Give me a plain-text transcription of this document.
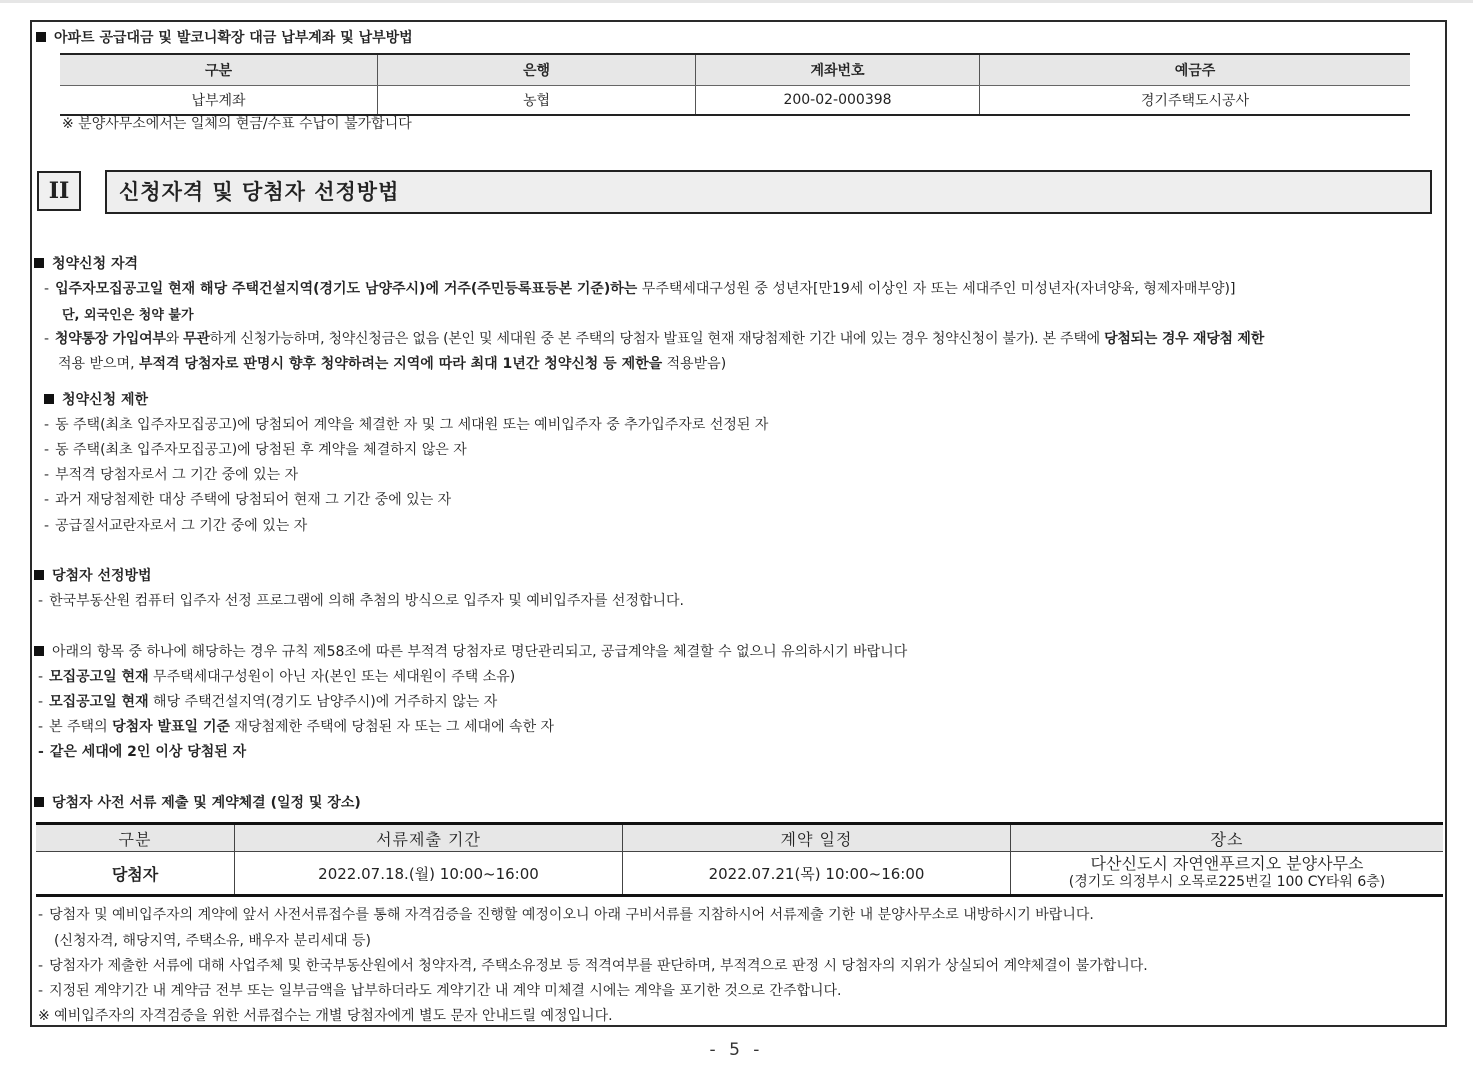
아파트 공급대금 및 발코니확장 대금 납부계좌 및 납부방법
구분	은행	계좌번호	예금주
납부계좌	농협	200-02-000398	경기주택도시공사
※ 분양사무소에서는 일체의 현금/수표 수납이 불가합니다
II	신청자격 및 당첨자 선정방법
청약신청 자격
- 입주자모집공고일 현재 해당 주택건설지역(경기도 남양주시)에 거주(주민등록표등본 기준)하는 무주택세대구성원 중 성년자[만19세 이상인 자 또는 세대주인 미성년자(자녀양육, 형제자매부양)]
단, 외국인은 청약 불가
- 청약통장 가입여부와 무관하게 신청가능하며, 청약신청금은 없음 (본인 및 세대원 중 본 주택의 당첨자 발표일 현재 재당첨제한 기간 내에 있는 경우 청약신청이 불가). 본 주택에 당첨되는 경우 재당첨 제한
적용 받으며, 부적격 당첨자로 판명시 향후 청약하려는 지역에 따라 최대 1년간 청약신청 등 제한을 적용받음)
청약신청 제한
- 동 주택(최초 입주자모집공고)에 당첨되어 계약을 체결한 자 및 그 세대원 또는 예비입주자 중 추가입주자로 선정된 자
- 동 주택(최초 입주자모집공고)에 당첨된 후 계약을 체결하지 않은 자
- 부적격 당첨자로서 그 기간 중에 있는 자
- 과거 재당첨제한 대상 주택에 당첨되어 현재 그 기간 중에 있는 자
- 공급질서교란자로서 그 기간 중에 있는 자
당첨자 선정방법
- 한국부동산원 컴퓨터 입주자 선정 프로그램에 의해 추첨의 방식으로 입주자 및 예비입주자를 선정합니다.
아래의 항목 중 하나에 해당하는 경우 규칙 제58조에 따른 부적격 당첨자로 명단관리되고, 공급계약을 체결할 수 없으니 유의하시기 바랍니다
- 모집공고일 현재 무주택세대구성원이 아닌 자(본인 또는 세대원이 주택 소유)
- 모집공고일 현재 해당 주택건설지역(경기도 남양주시)에 거주하지 않는 자
- 본 주택의 당첨자 발표일 기준 재당첨제한 주택에 당첨된 자 또는 그 세대에 속한 자
- 같은 세대에 2인 이상 당첨된 자
당첨자 사전 서류 제출 및 계약체결 (일정 및 장소)
구분	서류제출 기간	계약 일정	장소
당첨자	2022.07.18.(월) 10:00~16:00	2022.07.21(목) 10:00~16:00	다산신도시 자연앤푸르지오 분양사무소
(경기도 의정부시 오목로225번길 100 CY타워 6층)
- 당첨자 및 예비입주자의 계약에 앞서 사전서류접수를 통해 자격검증을 진행할 예정이오니 아래 구비서류를 지참하시어 서류제출 기한 내 분양사무소로 내방하시기 바랍니다.
(신청자격, 해당지역, 주택소유, 배우자 분리세대 등)
- 당첨자가 제출한 서류에 대해 사업주체 및 한국부동산원에서 청약자격, 주택소유정보 등 적격여부를 판단하며, 부적격으로 판정 시 당첨자의 지위가 상실되어 계약체결이 불가합니다.
- 지정된 계약기간 내 계약금 전부 또는 일부금액을 납부하더라도 계약기간 내 계약 미체결 시에는 계약을 포기한 것으로 간주합니다.
※ 예비입주자의 자격검증을 위한 서류접수는 개별 당첨자에게 별도 문자 안내드릴 예정입니다.
- 5 -
